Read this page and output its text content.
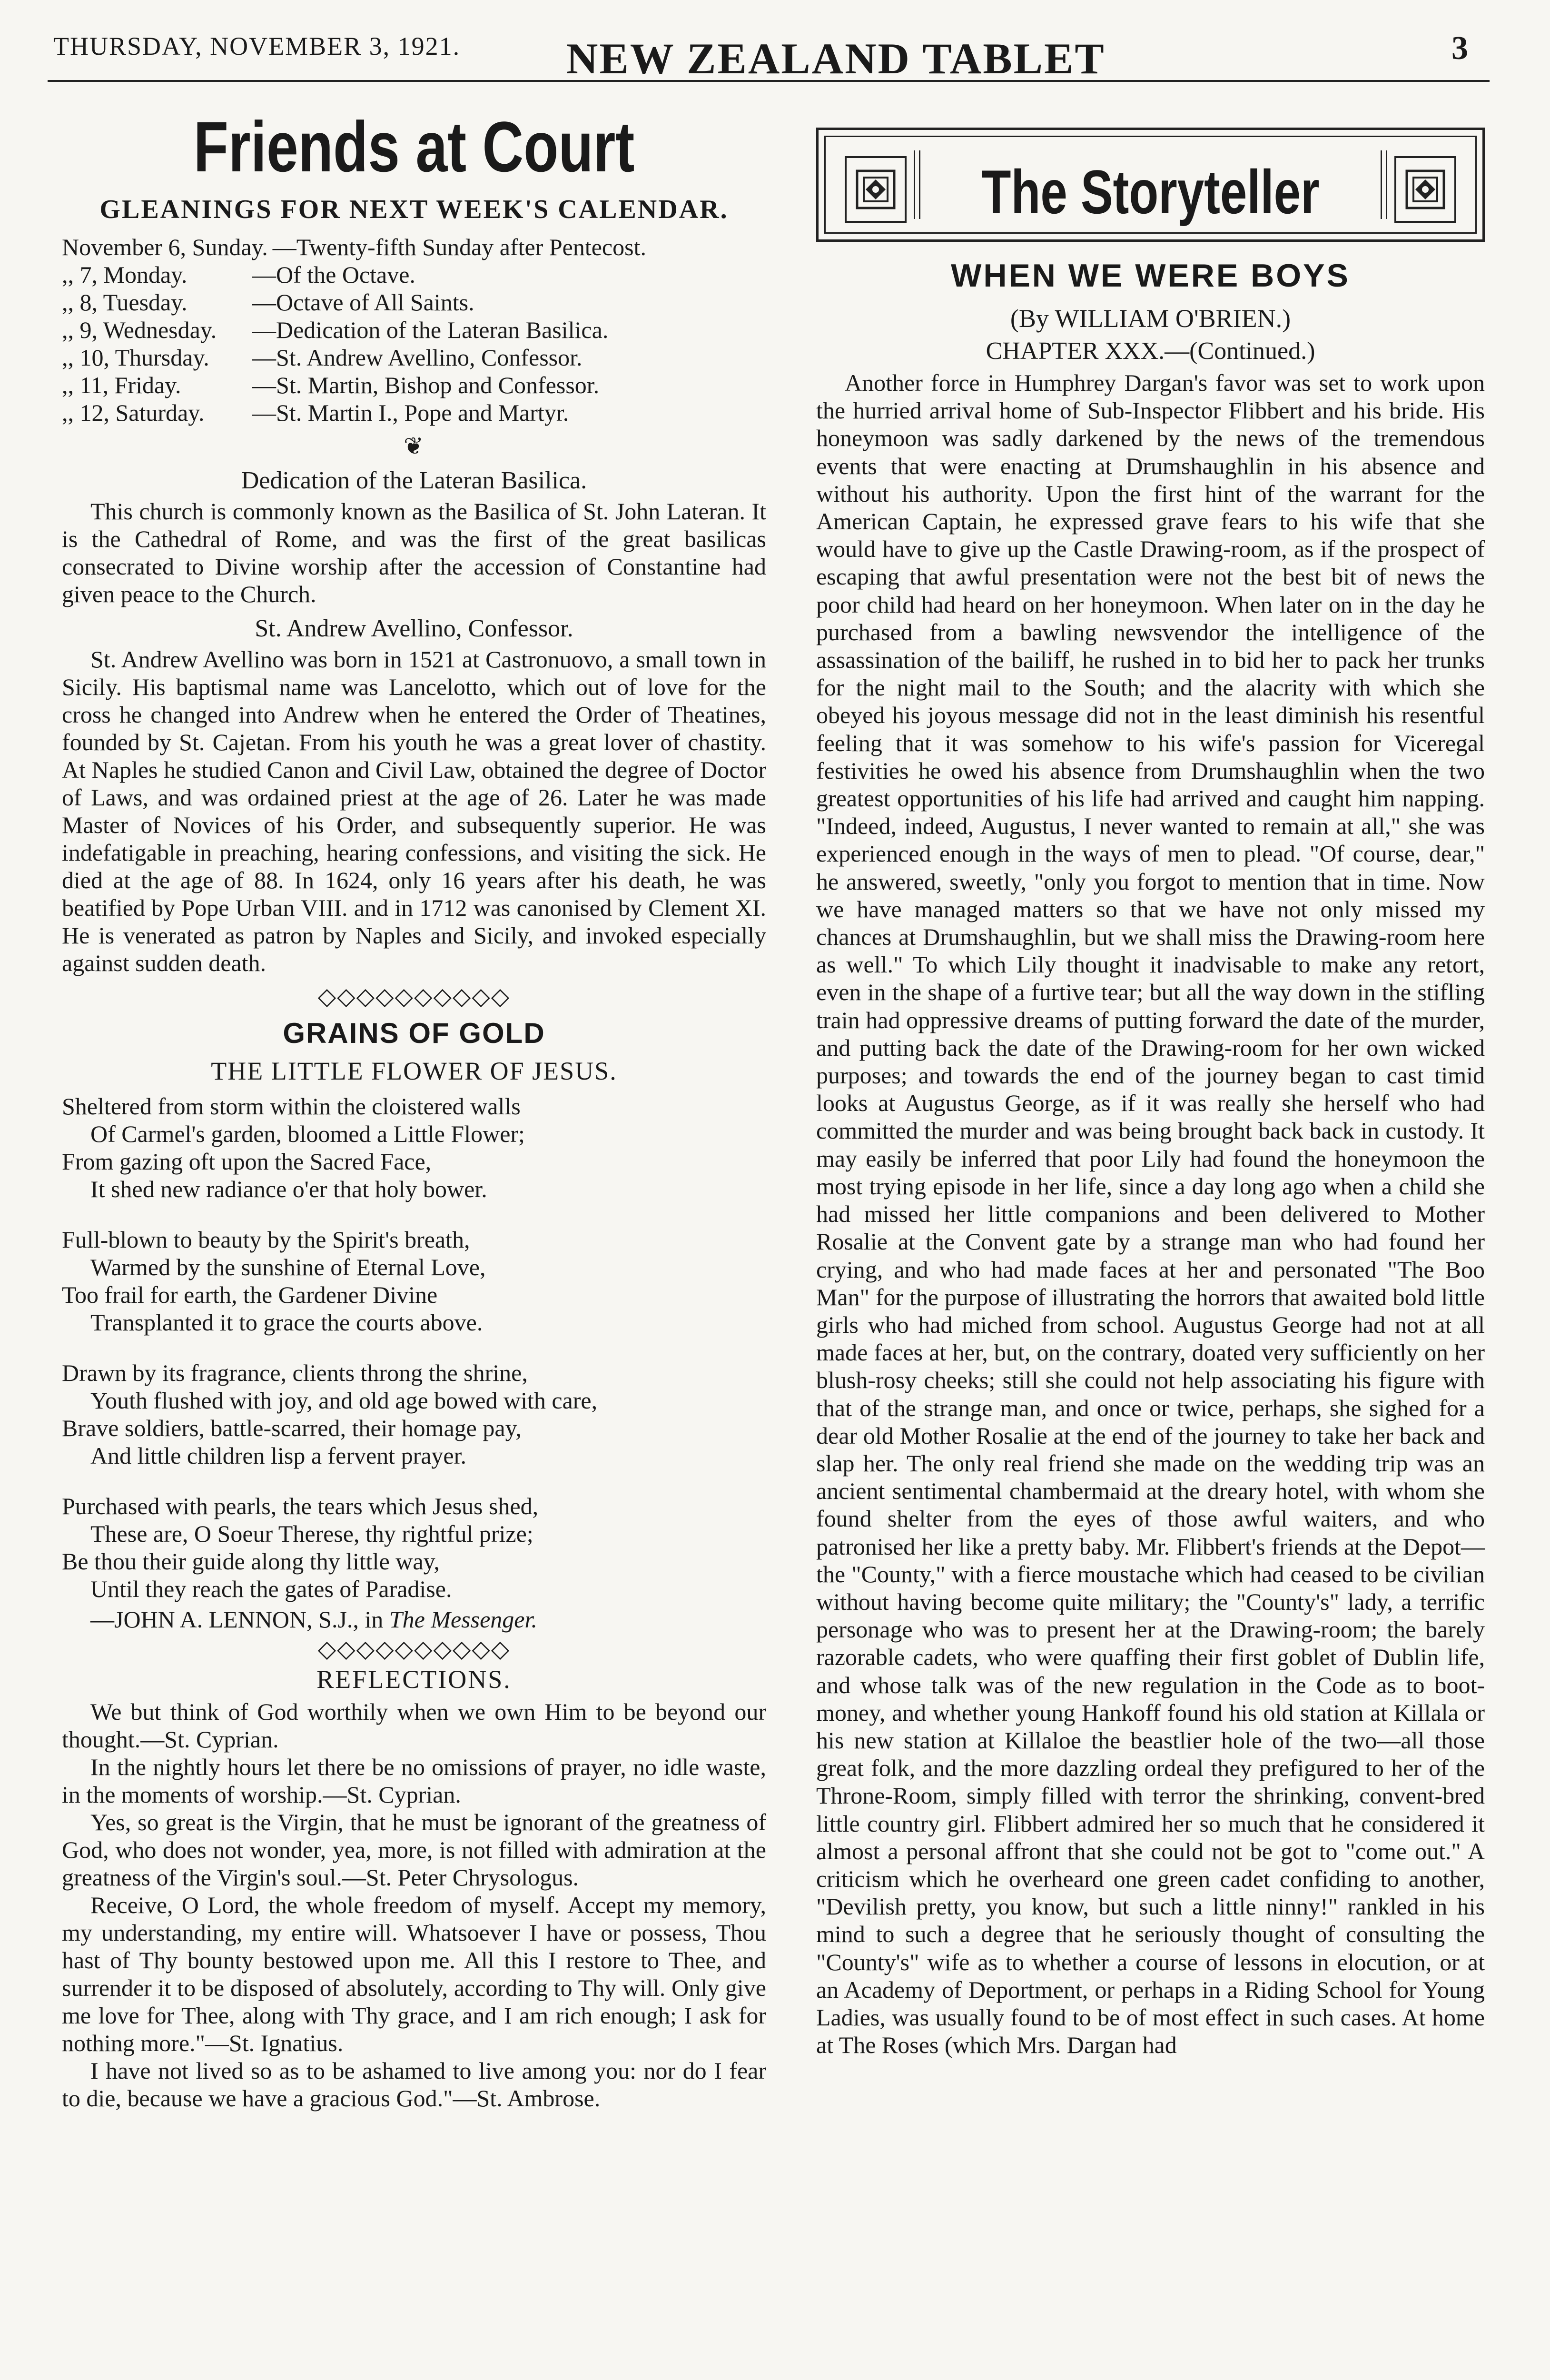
THURSDAY, NOVEMBER 3, 1921. NEW ZEALAND TABLET	3
Friends at Court
GLEANINGS FOR NEXT WEEK'S CALENDAR.
November 6, Sunday. —Twenty-fifth Sunday after Pentecost.
,, 7, Monday.	—Of the Octave.
,, 8, Tuesday.	—Octave of All Saints.
,, 9, Wednesday.	—Dedication of the Lateran Basilica.
,, 10, Thursday.	—St. Andrew Avellino, Confessor.
,, 11, Friday.	—St. Martin, Bishop and Confessor.
,, 12, Saturday.	—St. Martin I., Pope and Martyr.
❦
Dedication of the Lateran Basilica.

This church is commonly known as the Basilica of St. John Lateran. It is the Cathedral of Rome, and was the first of the great basilicas consecrated to Divine worship after the accession of Constantine had given peace to the Church.

St. Andrew Avellino, Confessor.

St. Andrew Avellino was born in 1521 at Castronuovo, a small town in Sicily. His baptismal name was Lancelotto, which out of love for the cross he changed into Andrew when he entered the Order of Theatines, founded by St. Cajetan. From his youth he was a great lover of chastity. At Naples he studied Canon and Civil Law, obtained the degree of Doctor of Laws, and was ordained priest at the age of 26. Later he was made Master of Novices of his Order, and subsequently superior. He was indefatigable in preaching, hearing confessions, and visiting the sick. He died at the age of 88. In 1624, only 16 years after his death, he was beatified by Pope Urban VIII. and in 1712 was canonised by Clement XI. He is venerated as patron by Naples and Sicily, and invoked especially against sudden death.

◇◇◇◇◇◇◇◇◇◇
GRAINS OF GOLD
THE LITTLE FLOWER OF JESUS.

Sheltered from storm within the cloistered walls

Of Carmel's garden, bloomed a Little Flower;

From gazing oft upon the Sacred Face,

It shed new radiance o'er that holy bower.

Full-blown to beauty by the Spirit's breath,

Warmed by the sunshine of Eternal Love,

Too frail for earth, the Gardener Divine

Transplanted it to grace the courts above.

Drawn by its fragrance, clients throng the shrine,

Youth flushed with joy, and old age bowed with care,

Brave soldiers, battle-scarred, their homage pay,

And little children lisp a fervent prayer.

Purchased with pearls, the tears which Jesus shed,

These are, O Soeur Therese, thy rightful prize;

Be thou their guide along thy little way,

Until they reach the gates of Paradise.

—JOHN A. LENNON, S.J., in The Messenger.
◇◇◇◇◇◇◇◇◇◇
REFLECTIONS.

We but think of God worthily when we own Him to be beyond our thought.—St. Cyprian.

In the nightly hours let there be no omissions of prayer, no idle waste, in the moments of worship.—St. Cyprian.

Yes, so great is the Virgin, that he must be ignorant of the greatness of God, who does not wonder, yea, more, is not filled with admiration at the greatness of the Virgin's soul.—St. Peter Chrysologus.

Receive, O Lord, the whole freedom of myself. Accept my memory, my understanding, my entire will. Whatsoever I have or possess, Thou hast of Thy bounty bestowed upon me. All this I restore to Thee, and surrender it to be disposed of absolutely, according to Thy will. Only give me love for Thee, along with Thy grace, and I am rich enough; I ask for nothing more."—St. Ignatius.

I have not lived so as to be ashamed to live among you: nor do I fear to die, because we have a gracious God."—St. Ambrose.

The Storyteller
WHEN WE WERE BOYS
(By WILLIAM O'BRIEN.)
CHAPTER XXX.—(Continued.)

Another force in Humphrey Dargan's favor was set to work upon the hurried arrival home of Sub-Inspector Flibbert and his bride. His honeymoon was sadly darkened by the news of the tremendous events that were enacting at Drumshaughlin in his absence and without his authority. Upon the first hint of the warrant for the American Captain, he expressed grave fears to his wife that she would have to give up the Castle Drawing-room, as if the prospect of escaping that awful presentation were not the best bit of news the poor child had heard on her honeymoon. When later on in the day he purchased from a bawling newsvendor the intelligence of the assassination of the bailiff, he rushed in to bid her to pack her trunks for the night mail to the South; and the alacrity with which she obeyed his joyous message did not in the least diminish his resentful feeling that it was somehow to his wife's passion for Viceregal festivities he owed his absence from Drumshaughlin when the two greatest opportunities of his life had arrived and caught him napping. "Indeed, indeed, Augustus, I never wanted to remain at all," she was experienced enough in the ways of men to plead. "Of course, dear," he answered, sweetly, "only you forgot to mention that in time. Now we have managed matters so that we have not only missed my chances at Drumshaughlin, but we shall miss the Drawing-room here as well." To which Lily thought it inadvisable to make any retort, even in the shape of a furtive tear; but all the way down in the stifling train had oppressive dreams of putting forward the date of the murder, and putting back the date of the Drawing-room for her own wicked purposes; and towards the end of the journey began to cast timid looks at Augustus George, as if it was really she herself who had committed the murder and was being brought back back in custody. It may easily be inferred that poor Lily had found the honeymoon the most trying episode in her life, since a day long ago when a child she had missed her little companions and been delivered to Mother Rosalie at the Convent gate by a strange man who had found her crying, and who had made faces at her and personated "The Boo Man" for the purpose of illustrating the horrors that awaited bold little girls who had miched from school. Augustus George had not at all made faces at her, but, on the contrary, doated very sufficiently on her blush-rosy cheeks; still she could not help associating his figure with that of the strange man, and once or twice, perhaps, she sighed for a dear old Mother Rosalie at the end of the journey to take her back and slap her. The only real friend she made on the wedding trip was an ancient sentimental chambermaid at the dreary hotel, with whom she found shelter from the eyes of those awful waiters, and who patronised her like a pretty baby. Mr. Flibbert's friends at the Depot—the "County," with a fierce moustache which had ceased to be civilian without having become quite military; the "County's" lady, a terrific personage who was to present her at the Drawing-room; the barely razorable cadets, who were quaffing their first goblet of Dublin life, and whose talk was of the new regulation in the Code as to boot-money, and whether young Hankoff found his old station at Killala or his new station at Killaloe the beastlier hole of the two—all those great folk, and the more dazzling ordeal they prefigured to her of the Throne-Room, simply filled with terror the shrinking, convent-bred little country girl. Flibbert admired her so much that he considered it almost a personal affront that she could not be got to "come out." A criticism which he overheard one green cadet confiding to another, "Devilish pretty, you know, but such a little ninny!" rankled in his mind to such a degree that he seriously thought of consulting the "County's" wife as to whether a course of lessons in elocution, or at an Academy of Deportment, or perhaps in a Riding School for Young Ladies, was usually found to be of most effect in such cases. At home at The Roses (which Mrs. Dargan had
